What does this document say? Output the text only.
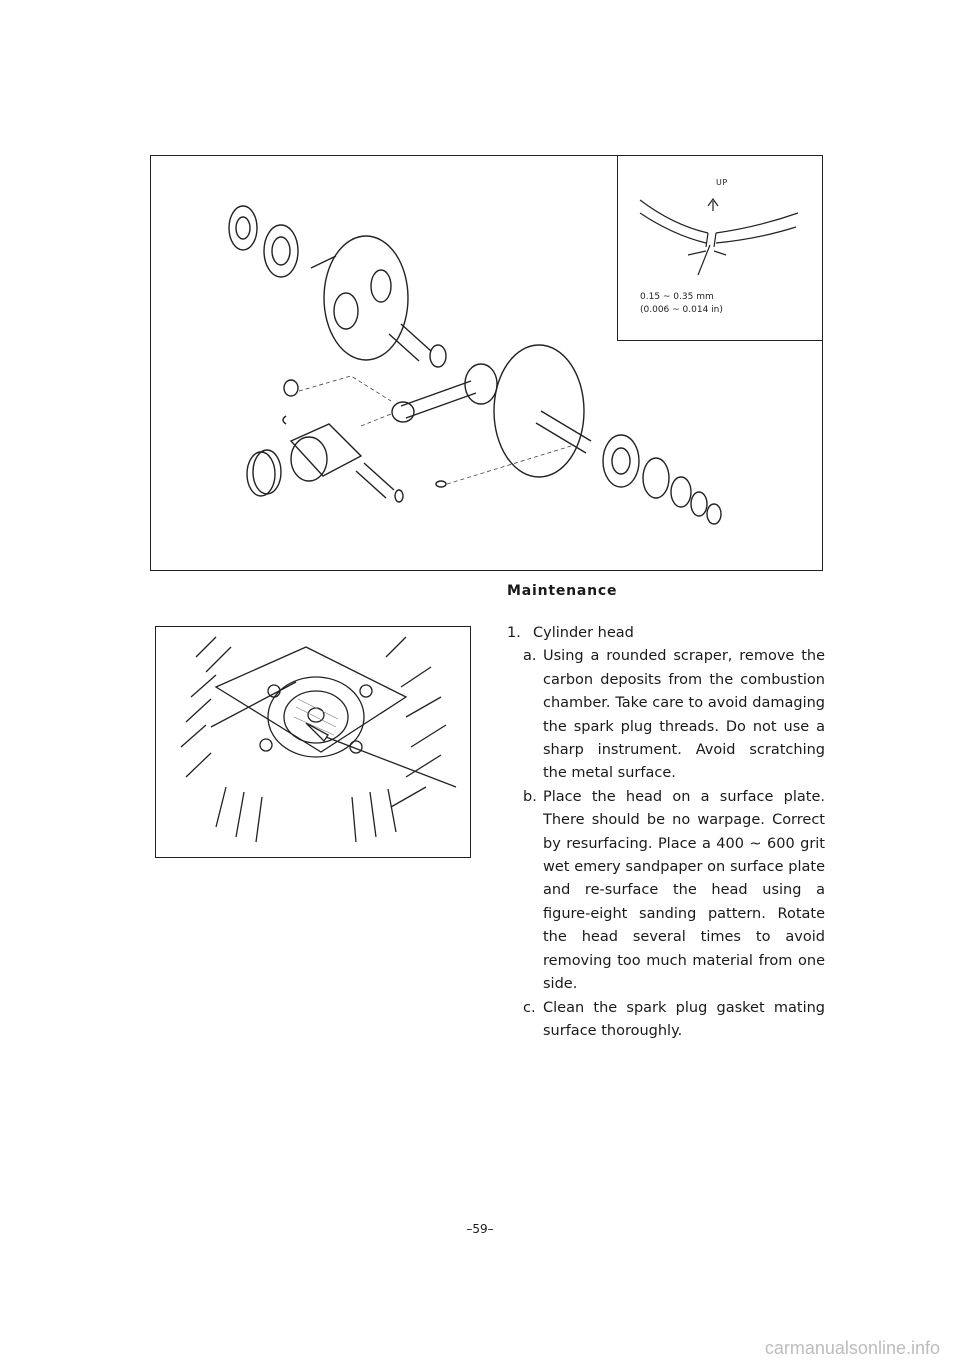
UP
0.15 ~ 0.35 mm
(0.006 ~ 0.014 in)
Maintenance

1. Cylinder head

a. Using a rounded scraper, remove the carbon deposits from the combustion chamber. Take care to avoid damaging the spark plug threads. Do not use a sharp instrument. Avoid scratching the metal surface.

b. Place the head on a surface plate. There should be no warpage. Correct by resurfacing. Place a 400 ~ 600 grit wet emery sandpaper on surface plate and re-surface the head using a figure-eight sanding pattern. Rotate the head several times to avoid removing too much material from one side.

c. Clean the spark plug gasket mating surface thoroughly.

–59–
carmanualsonline.info
